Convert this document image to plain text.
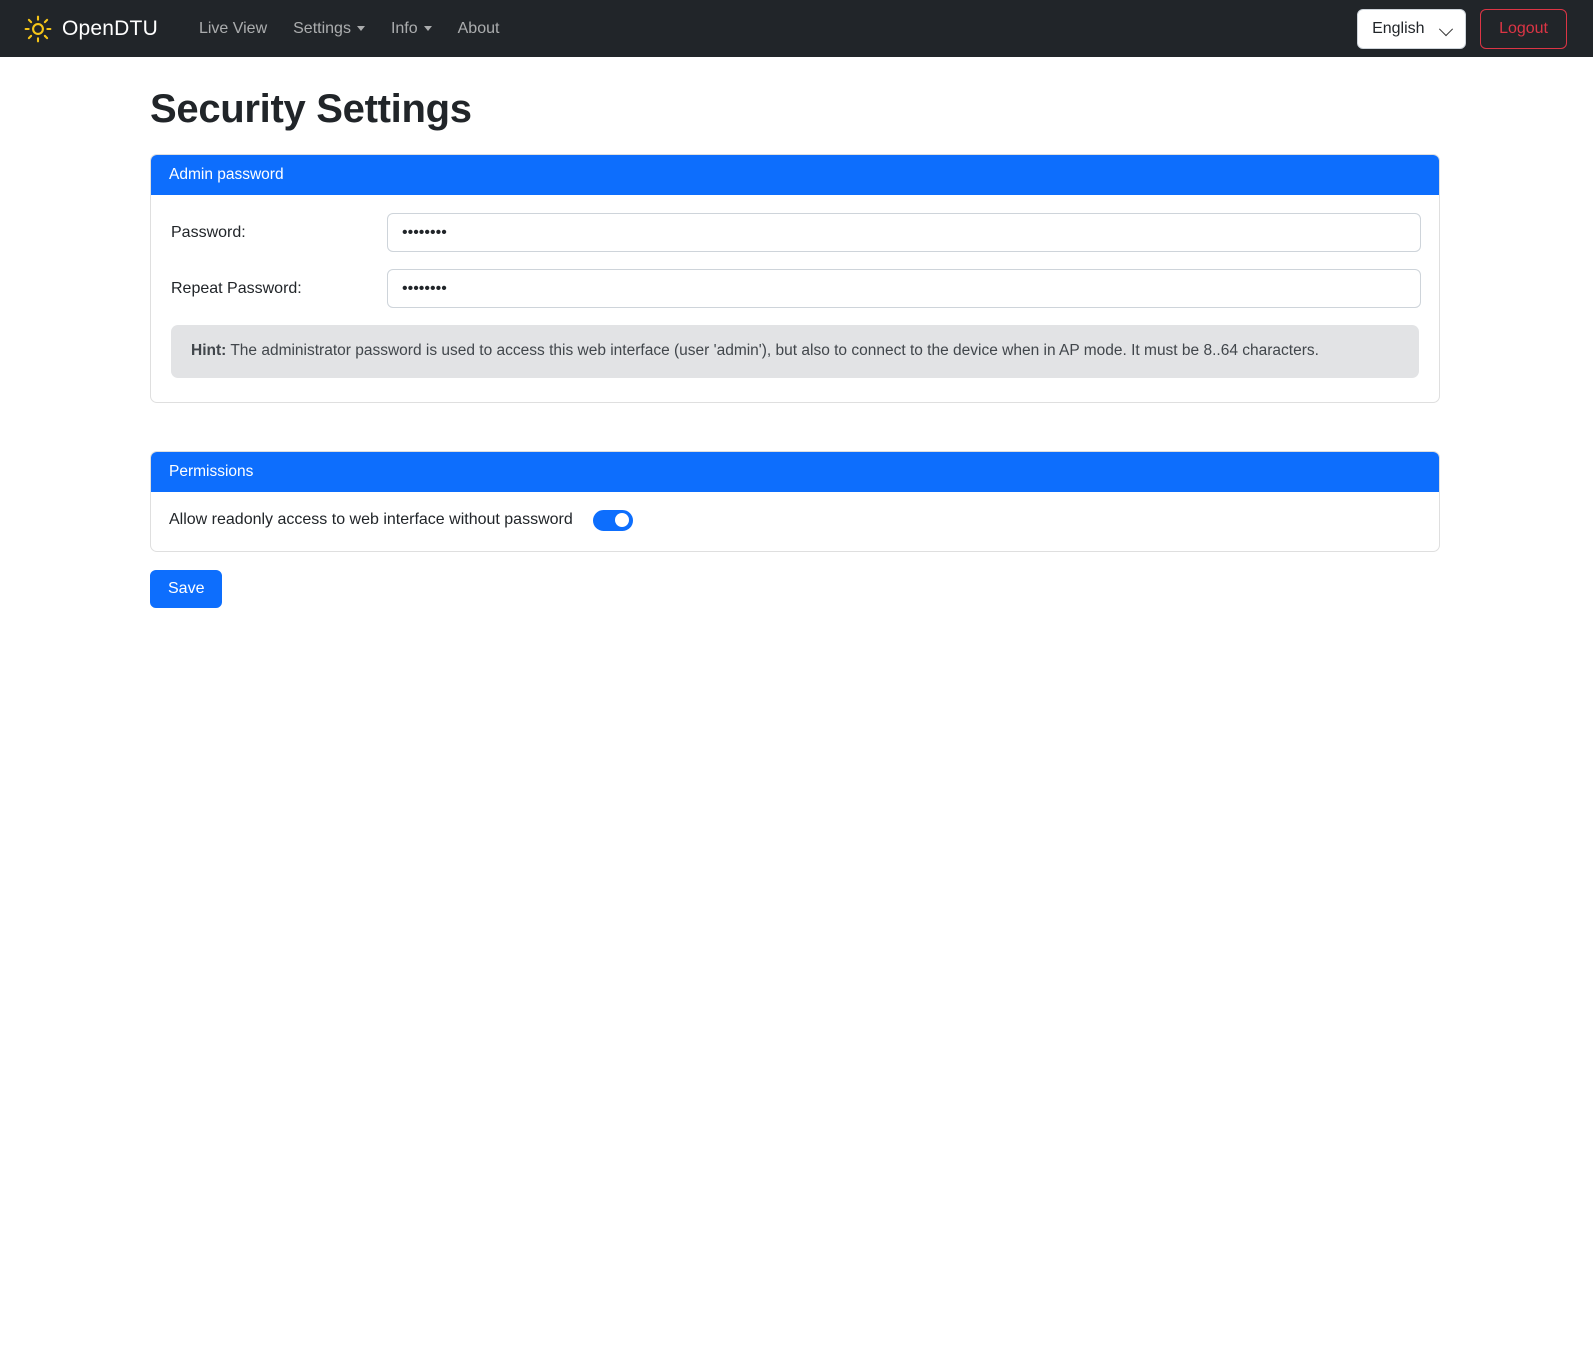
OpenDTU	Live View Settings	Info	About
English	Logout
Security Settings
Admin password
Password:
Repeat Password:
Hint: The administrator password is used to access this web interface (user 'admin'), but also to connect to the device when in AP mode. It must be 8..64 characters.
Permissions
Allow readonly access to web interface without password
Save
